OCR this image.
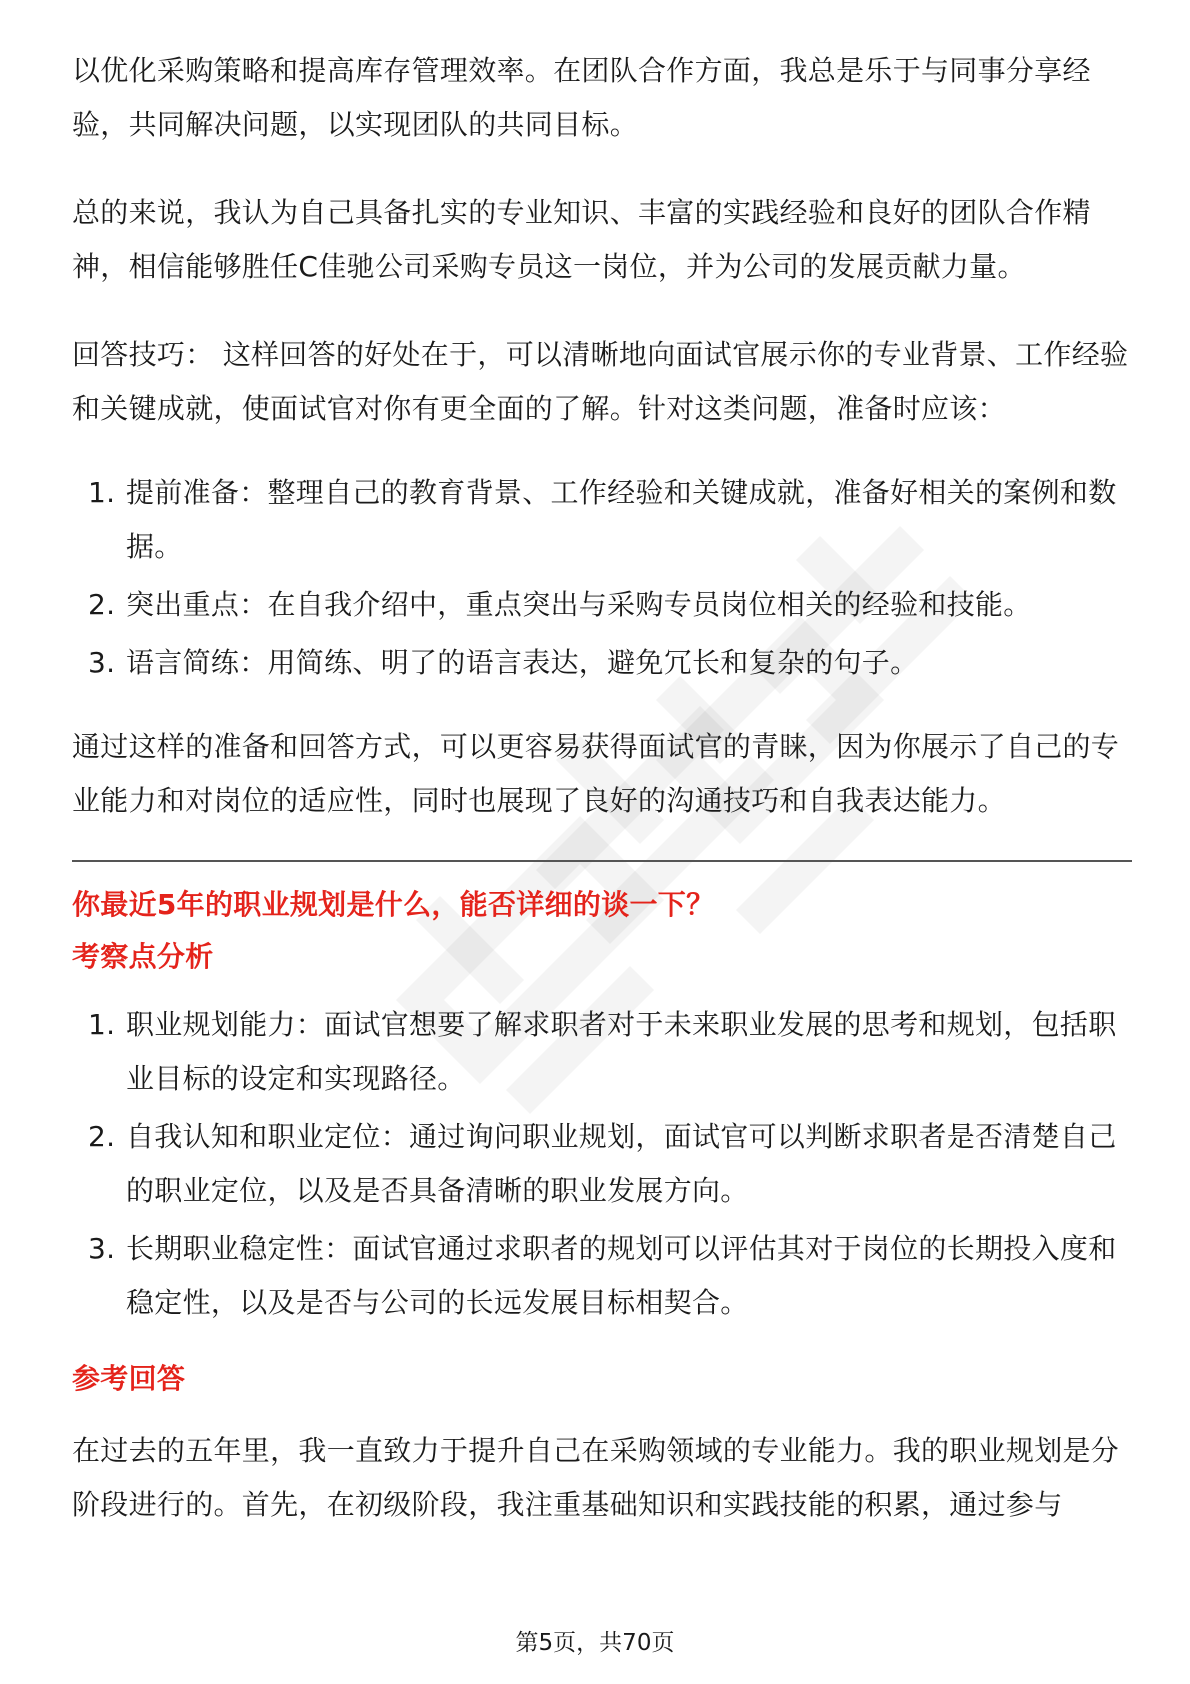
以优化采购策略和提高库存管理效率。在团队合作方面，我总是乐于与同事分享经验，共同解决问题，以实现团队的共同目标。

总的来说，我认为自己具备扎实的专业知识、丰富的实践经验和良好的团队合作精神，相信能够胜任C佳驰公司采购专员这一岗位，并为公司的发展贡献力量。

回答技巧： 这样回答的好处在于，可以清晰地向面试官展示你的专业背景、工作经验和关键成就，使面试官对你有更全面的了解。针对这类问题，准备时应该：

1. 提前准备：整理自己的教育背景、工作经验和关键成就，准备好相关的案例和数据。
2. 突出重点：在自我介绍中，重点突出与采购专员岗位相关的经验和技能。
3. 语言简练：用简练、明了的语言表达，避免冗长和复杂的句子。

通过这样的准备和回答方式，可以更容易获得面试官的青睐，因为你展示了自己的专业能力和对岗位的适应性，同时也展现了良好的沟通技巧和自我表达能力。

你最近5年的职业规划是什么，能否详细的谈一下？

考察点分析

1. 职业规划能力：面试官想要了解求职者对于未来职业发展的思考和规划，包括职业目标的设定和实现路径。
2. 自我认知和职业定位：通过询问职业规划，面试官可以判断求职者是否清楚自己的职业定位，以及是否具备清晰的职业发展方向。
3. 长期职业稳定性：面试官通过求职者的规划可以评估其对于岗位的长期投入度和稳定性，以及是否与公司的长远发展目标相契合。

参考回答

在过去的五年里，我一直致力于提升自己在采购领域的专业能力。我的职业规划是分阶段进行的。首先，在初级阶段，我注重基础知识和实践技能的积累，通过参与

第5页，共70页
